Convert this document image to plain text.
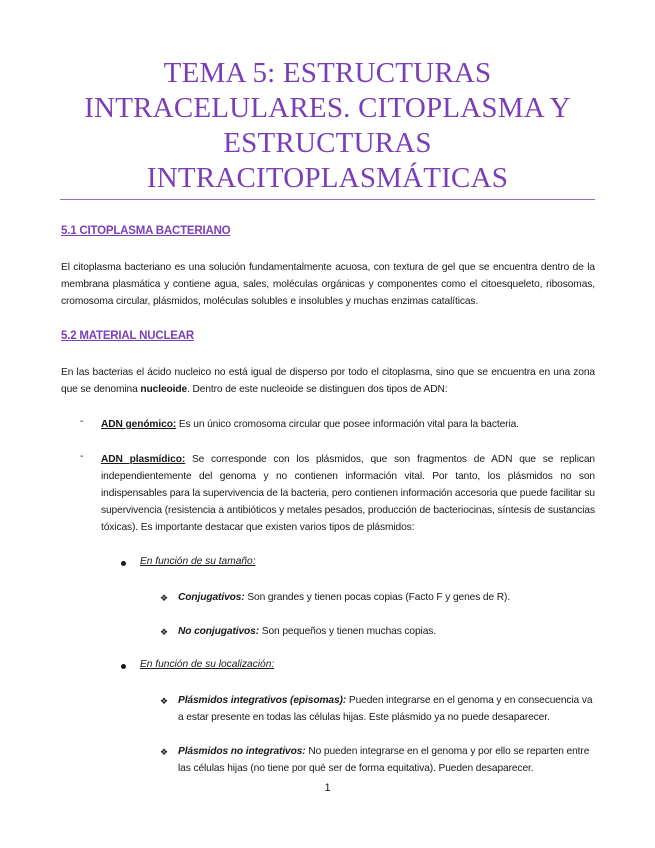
TEMA 5: ESTRUCTURAS
INTRACELULARES. CITOPLASMA Y
ESTRUCTURAS
INTRACITOPLASMÁTICAS
5.1 CITOPLASMA BACTERIANO
El citoplasma bacteriano es una solución fundamentalmente acuosa, con textura de gel que se encuentra dentro de la membrana plasmática y contiene agua, sales, moléculas orgánicas y componentes como el citoesqueleto, ribosomas, cromosoma circular, plásmidos, moléculas solubles e insolubles y muchas enzimas catalíticas.
5.2 MATERIAL NUCLEAR
En las bacterias el ácido nucleico no está igual de disperso por todo el citoplasma, sino que se encuentra en una zona que se denomina nucleoide. Dentro de este nucleoide se distinguen dos tipos de ADN:
- ADN genómico: Es un único cromosoma circular que posee información vital para la bacteria.
- ADN plasmídico: Se corresponde con los plásmidos, que son fragmentos de ADN que se replican independientemente del genoma y no contienen información vital. Por tanto, los plásmidos no son indispensables para la supervivencia de la bacteria, pero contienen información accesoria que puede facilitar su supervivencia (resistencia a antibióticos y metales pesados, producción de bacteriocinas, síntesis de sustancias tóxicas). Es importante destacar que existen varios tipos de plásmidos:
En función de su tamaño:
❖ Conjugativos: Son grandes y tienen pocas copias (Facto F y genes de R).
❖ No conjugativos: Son pequeños y tienen muchas copias.
En función de su localización:
❖ Plásmidos integrativos (episomas): Pueden integrarse en el genoma y en consecuencia va a estar presente en todas las células hijas. Este plásmido ya no puede desaparecer.
❖ Plásmidos no integrativos: No pueden integrarse en el genoma y por ello se reparten entre las células hijas (no tiene por qué ser de forma equitativa). Pueden desaparecer.
1
